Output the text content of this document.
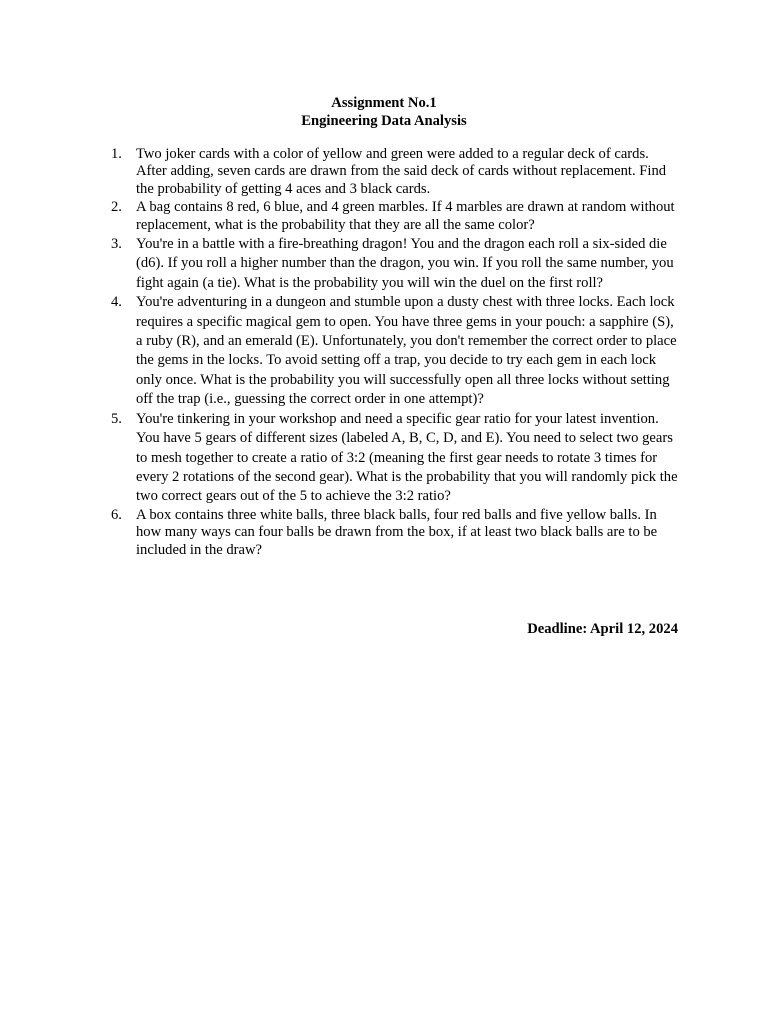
Assignment No.1
Engineering Data Analysis
1. Two joker cards with a color of yellow and green were added to a regular deck of cards. After adding, seven cards are drawn from the said deck of cards without replacement. Find the probability of getting 4 aces and 3 black cards.
2. A bag contains 8 red, 6 blue, and 4 green marbles. If 4 marbles are drawn at random without replacement, what is the probability that they are all the same color?
3. You're in a battle with a fire-breathing dragon! You and the dragon each roll a six-sided die (d6). If you roll a higher number than the dragon, you win. If you roll the same number, you fight again (a tie). What is the probability you will win the duel on the first roll?
4. You're adventuring in a dungeon and stumble upon a dusty chest with three locks. Each lock requires a specific magical gem to open. You have three gems in your pouch: a sapphire (S), a ruby (R), and an emerald (E). Unfortunately, you don't remember the correct order to place the gems in the locks. To avoid setting off a trap, you decide to try each gem in each lock only once. What is the probability you will successfully open all three locks without setting off the trap (i.e., guessing the correct order in one attempt)?
5. You're tinkering in your workshop and need a specific gear ratio for your latest invention. You have 5 gears of different sizes (labeled A, B, C, D, and E). You need to select two gears to mesh together to create a ratio of 3:2 (meaning the first gear needs to rotate 3 times for every 2 rotations of the second gear). What is the probability that you will randomly pick the two correct gears out of the 5 to achieve the 3:2 ratio?
6. A box contains three white balls, three black balls, four red balls and five yellow balls. In how many ways can four balls be drawn from the box, if at least two black balls are to be included in the draw?
Deadline: April 12, 2024
